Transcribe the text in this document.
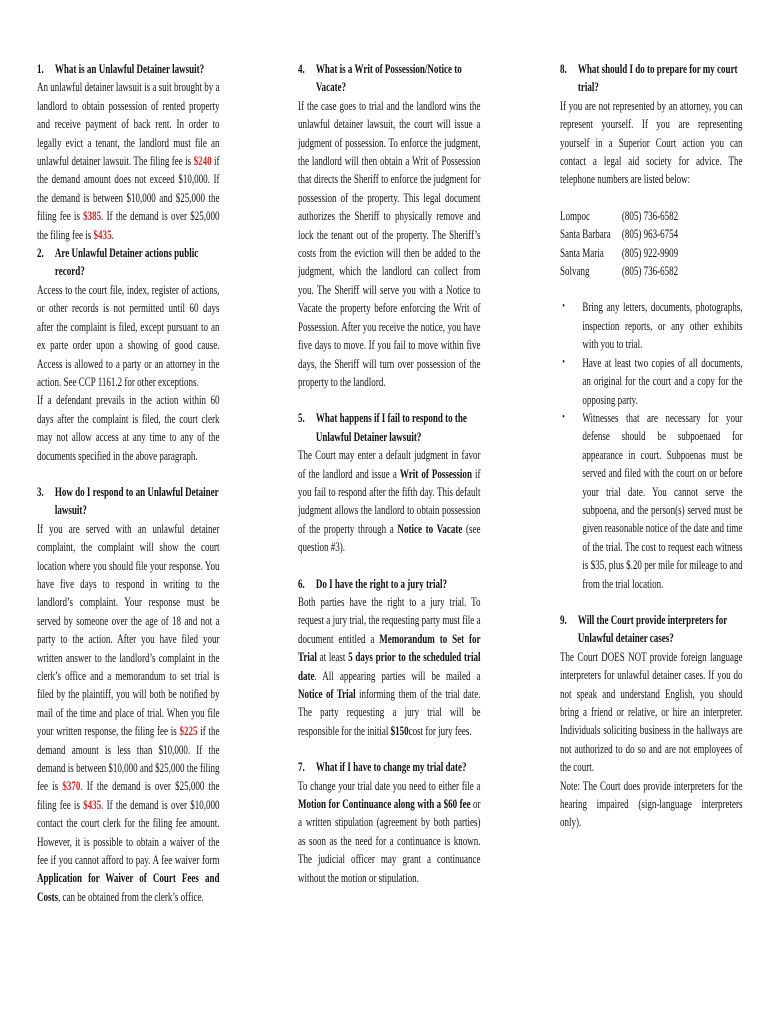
1. What is an Unlawful Detainer lawsuit?

An unlawful detainer lawsuit is a suit brought by a landlord to obtain possession of rented property and receive payment of back rent. In order to legally evict a tenant, the landlord must file an unlawful detainer lawsuit. The filing fee is $240 if the demand amount does not exceed $10,000. If the demand is between $10,000 and $25,000 the filing fee is $385. If the demand is over $25,000 the filing fee is $435.

2. Are Unlawful Detainer actions public record?

Access to the court file, index, register of actions, or other records is not permitted until 60 days after the complaint is filed, except pursuant to an ex parte order upon a showing of good cause. Access is allowed to a party or an attorney in the action. See CCP 1161.2 for other exceptions.

If a defendant prevails in the action within 60 days after the complaint is filed, the court clerk may not allow access at any time to any of the documents specified in the above paragraph.

3. How do I respond to an Unlawful Detainer lawsuit?

If you are served with an unlawful detainer complaint, the complaint will show the court location where you should file your response. You have five days to respond in writing to the landlord’s complaint. Your response must be served by someone over the age of 18 and not a party to the action. After you have filed your written answer to the landlord’s complaint in the clerk’s office and a memorandum to set trial is filed by the plaintiff, you will both be notified by mail of the time and place of trial. When you file your written response, the filing fee is $225 if the demand amount is less than $10,000. If the demand is between $10,000 and $25,000 the filing fee is $370. If the demand is over $25,000 the filing fee is $435. If the demand is over $10,000 contact the court clerk for the filing fee amount. However, it is possible to obtain a waiver of the fee if you cannot afford to pay. A fee waiver form Application for Waiver of Court Fees and Costs, can be obtained from the clerk’s office.

4. What is a Writ of Possession/Notice to Vacate?

If the case goes to trial and the landlord wins the unlawful detainer lawsuit, the court will issue a judgment of possession. To enforce the judgment, the landlord will then obtain a Writ of Possession that directs the Sheriff to enforce the judgment for possession of the property. This legal document authorizes the Sheriff to physically remove and lock the tenant out of the property. The Sheriff’s costs from the eviction will then be added to the judgment, which the landlord can collect from you. The Sheriff will serve you with a Notice to Vacate the property before enforcing the Writ of Possession. After you receive the notice, you have five days to move. If you fail to move within five days, the Sheriff will turn over possession of the property to the landlord.

5. What happens if I fail to respond to the Unlawful Detainer lawsuit?

The Court may enter a default judgment in favor of the landlord and issue a Writ of Possession if you fail to respond after the fifth day. This default judgment allows the landlord to obtain possession of the property through a Notice to Vacate (see question #3).

6. Do I have the right to a jury trial?

Both parties have the right to a jury trial. To request a jury trial, the requesting party must file a document entitled a Memorandum to Set for Trial at least 5 days prior to the scheduled trial date. All appearing parties will be mailed a Notice of Trial informing them of the trial date. The party requesting a jury trial will be responsible for the initial $150cost for jury fees.

7. What if I have to change my trial date?

To change your trial date you need to either file a Motion for Continuance along with a $60 fee or a written stipulation (agreement by both parties) as soon as the need for a continuance is known. The judicial officer may grant a continuance without the motion or stipulation.

8. What should I do to prepare for my court trial?

If you are not represented by an attorney, you can represent yourself. If you are representing yourself in a Superior Court action you can contact a legal aid society for advice. The telephone numbers are listed below:

Lompoc	(805) 736-6582
Santa Barbara (805) 963-6754
Santa Maria	(805) 922-9909
Solvang	(805) 736-6582
•	Bring any letters, documents, photographs, inspection reports, or any other exhibits with you to trial.

•	Have at least two copies of all documents, an original for the court and a copy for the opposing party.

•	Witnesses that are necessary for your defense should be subpoenaed for appearance in court. Subpoenas must be served and filed with the court on or before your trial date. You cannot serve the subpoena, and the person(s) served must be given reasonable notice of the date and time of the trial. The cost to request each witness is $35, plus $.20 per mile for mileage to and from the trial location.

9. Will the Court provide interpreters for Unlawful detainer cases?

The Court DOES NOT provide foreign language interpreters for unlawful detainer cases. If you do not speak and understand English, you should bring a friend or relative, or hire an interpreter. Individuals soliciting business in the hallways are not authorized to do so and are not employees of the court.

Note: The Court does provide interpreters for the hearing impaired (sign-language interpreters only).
